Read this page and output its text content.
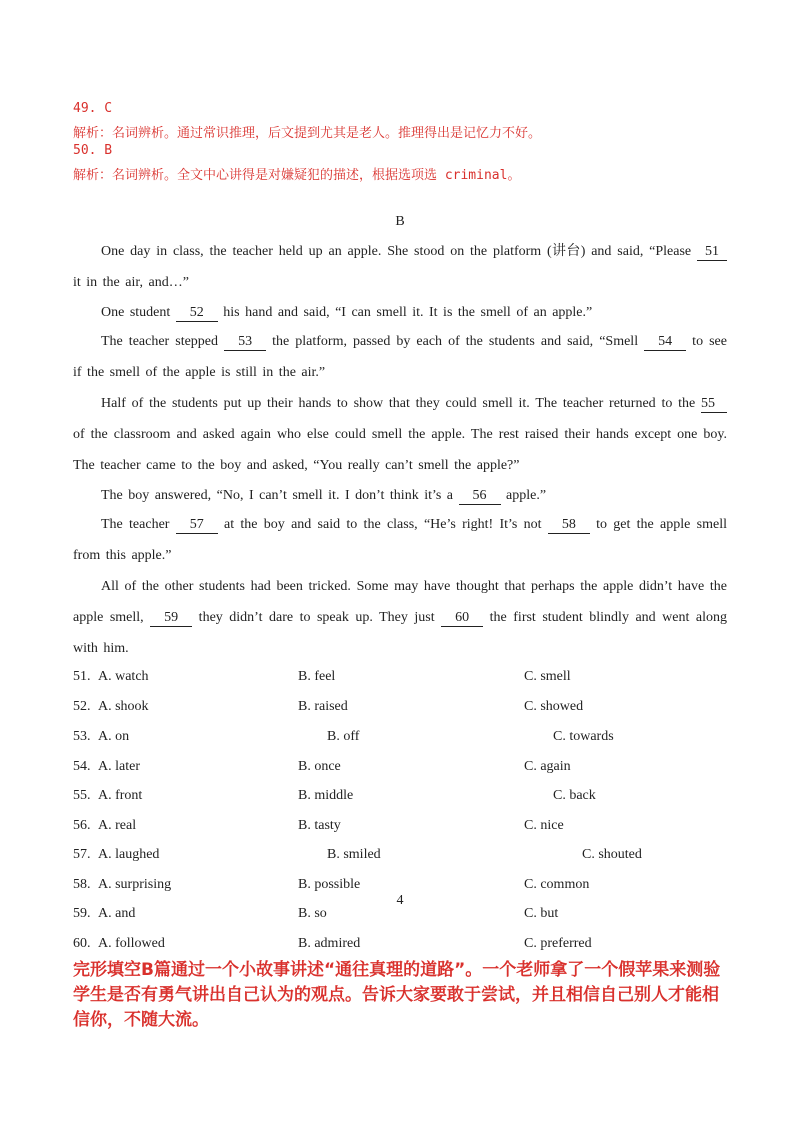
49. C
解析：名词辨析。通过常识推理，后文提到尤其是老人。推理得出是记忆力不好。
50. B
解析：名词辨析。全文中心讲得是对嫌疑犯的描述，根据选项选 criminal。
B
One day in class, the teacher held up an apple. She stood on the platform (讲台) and said, “Please 51 it in the air, and…”
One student 52 his hand and said, “I can smell it. It is the smell of an apple.”
The teacher stepped 53 the platform, passed by each of the students and said, “Smell 54 to see if the smell of the apple is still in the air.”
Half of the students put up their hands to show that they could smell it. The teacher returned to the 55 of the classroom and asked again who else could smell the apple. The rest raised their hands except one boy. The teacher came to the boy and asked, “You really can’t smell the apple?”
The boy answered, “No, I can’t smell it. I don’t think it’s a 56 apple.”
The teacher 57 at the boy and said to the class, “He’s right! It’s not 58 to get the apple smell from this apple.”
All of the other students had been tricked. Some may have thought that perhaps the apple didn’t have the apple smell, 59 they didn’t dare to speak up. They just 60 the first student blindly and went along with him.
51. A. watch	B. feel	C. smell
52. A. shook	B. raised	C. showed
53. A. on	B. off	C. towards
54. A. later	B. once	C. again
55. A. front	B. middle	C. back
56. A. real	B. tasty	C. nice
57. A. laughed	B. smiled	C. shouted
58. A. surprising	B. possible	C. common
59. A. and	B. so	C. but
60. A. followed	B. admired	C. preferred
4
完形填空B篇通过一个小故事讲述“通往真理的道路”。一个老师拿了一个假苹果来测验学生是否有勇气讲出自己认为的观点。告诉大家要敢于尝试，并且相信自己别人才能相信你，不随大流。
